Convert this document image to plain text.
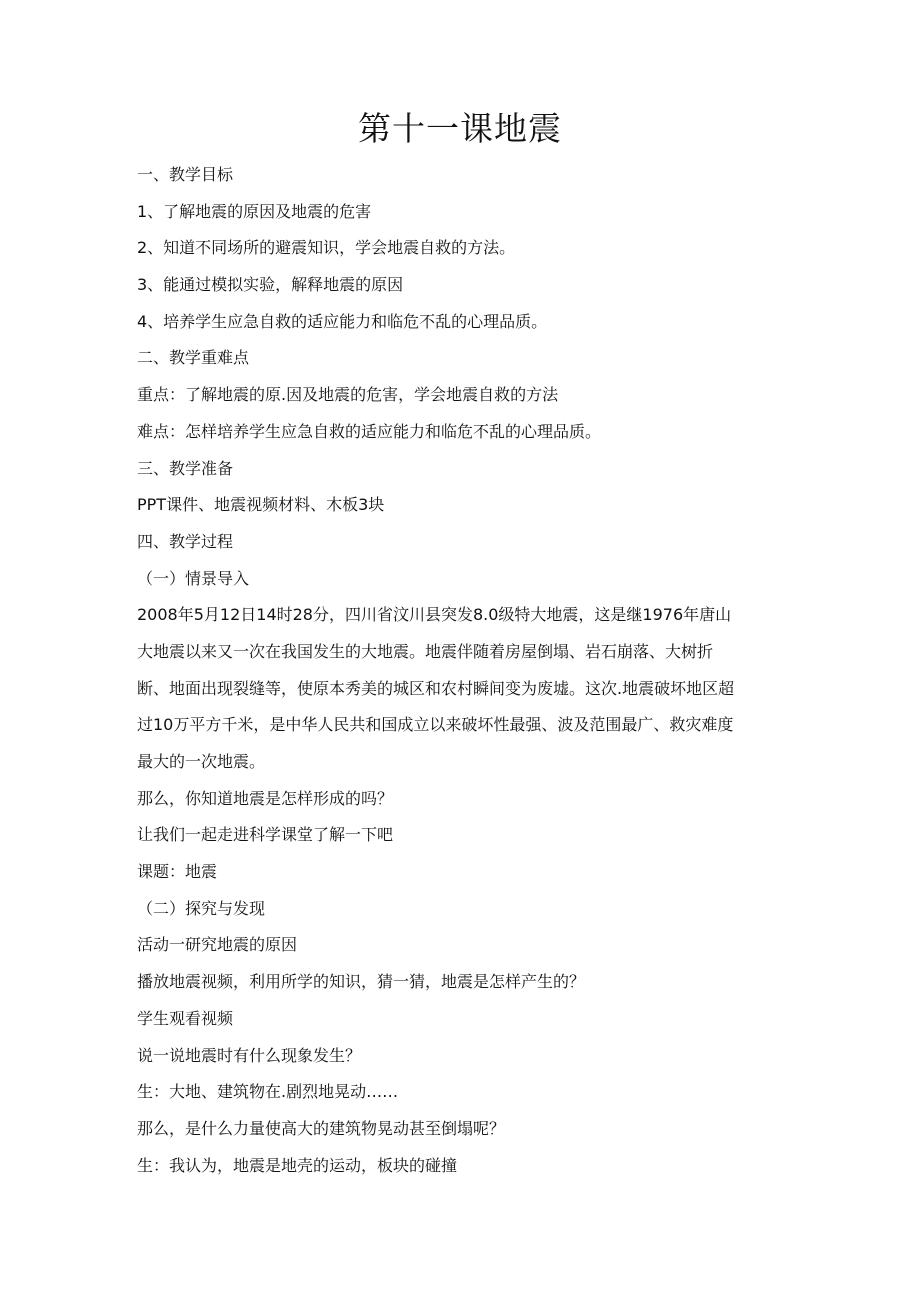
第十一课地震

一、教学目标

1、了解地震的原因及地震的危害

2、知道不同场所的避震知识，学会地震自救的方法。

3、能通过模拟实验，解释地震的原因

4、培养学生应急自救的适应能力和临危不乱的心理品质。

二、教学重难点

重点：了解地震的原.因及地震的危害，学会地震自救的方法

难点：怎样培养学生应急自救的适应能力和临危不乱的心理品质。

三、教学准备

PPT课件、地震视频材料、木板3块

四、教学过程

（一）情景导入

2008年5月12日14时28分，四川省汶川县突发8.0级特大地震，这是继1976年唐山

大地震以来又一次在我国发生的大地震。地震伴随着房屋倒塌、岩石崩落、大树折

断、地面出现裂缝等，使原本秀美的城区和农村瞬间变为废墟。这次.地震破坏地区超

过10万平方千米，是中华人民共和国成立以来破坏性最强、波及范围最广、救灾难度

最大的一次地震。

那么，你知道地震是怎样形成的吗？

让我们一起走进科学课堂了解一下吧

课题：地震

（二）探究与发现

活动一研究地震的原因

播放地震视频，利用所学的知识，猜一猜，地震是怎样产生的？

学生观看视频

说一说地震时有什么现象发生？

生：大地、建筑物在.剧烈地晃动……

那么，是什么力量使高大的建筑物晃动甚至倒塌呢？

生：我认为，地震是地壳的运动，板块的碰撞
